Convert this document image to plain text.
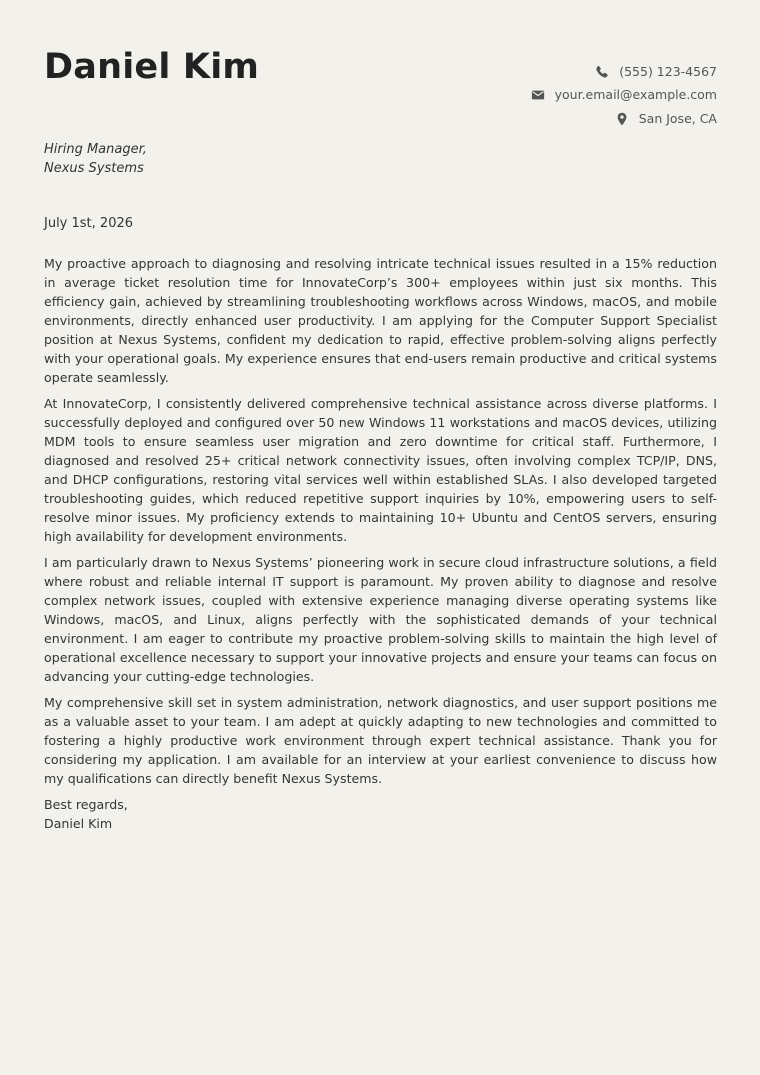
Daniel Kim	(555) 123-4567
your.email@example.com
San Jose, CA
Hiring Manager,
Nexus Systems
July 1st, 2026

My proactive approach to diagnosing and resolving intricate technical issues resulted in a 15% reduction in average ticket resolution time for InnovateCorp’s 300+ employees within just six months. This efficiency gain, achieved by streamlining troubleshooting workflows across Windows, macOS, and mobile environments, directly enhanced user productivity. I am applying for the Computer Support Specialist position at Nexus Systems, confident my dedication to rapid, effective problem-solving aligns perfectly with your operational goals. My experience ensures that end-users remain productive and critical systems operate seamlessly.

At InnovateCorp, I consistently delivered comprehensive technical assistance across diverse platforms. I successfully deployed and configured over 50 new Windows 11 workstations and macOS devices, utilizing MDM tools to ensure seamless user migration and zero downtime for critical staff. Furthermore, I diagnosed and resolved 25+ critical network connectivity issues, often involving complex TCP/IP, DNS, and DHCP configurations, restoring vital services well within established SLAs. I also developed targeted troubleshooting guides, which reduced repetitive support inquiries by 10%, empowering users to self-resolve minor issues. My proficiency extends to maintaining 10+ Ubuntu and CentOS servers, ensuring high availability for development environments.

I am particularly drawn to Nexus Systems’ pioneering work in secure cloud infrastructure solutions, a field where robust and reliable internal IT support is paramount. My proven ability to diagnose and resolve complex network issues, coupled with extensive experience managing diverse operating systems like Windows, macOS, and Linux, aligns perfectly with the sophisticated demands of your technical environment. I am eager to contribute my proactive problem-solving skills to maintain the high level of operational excellence necessary to support your innovative projects and ensure your teams can focus on advancing your cutting-edge technologies.

My comprehensive skill set in system administration, network diagnostics, and user support positions me as a valuable asset to your team. I am adept at quickly adapting to new technologies and committed to fostering a highly productive work environment through expert technical assistance. Thank you for considering my application. I am available for an interview at your earliest convenience to discuss how my qualifications can directly benefit Nexus Systems.

Best regards,
Daniel Kim
